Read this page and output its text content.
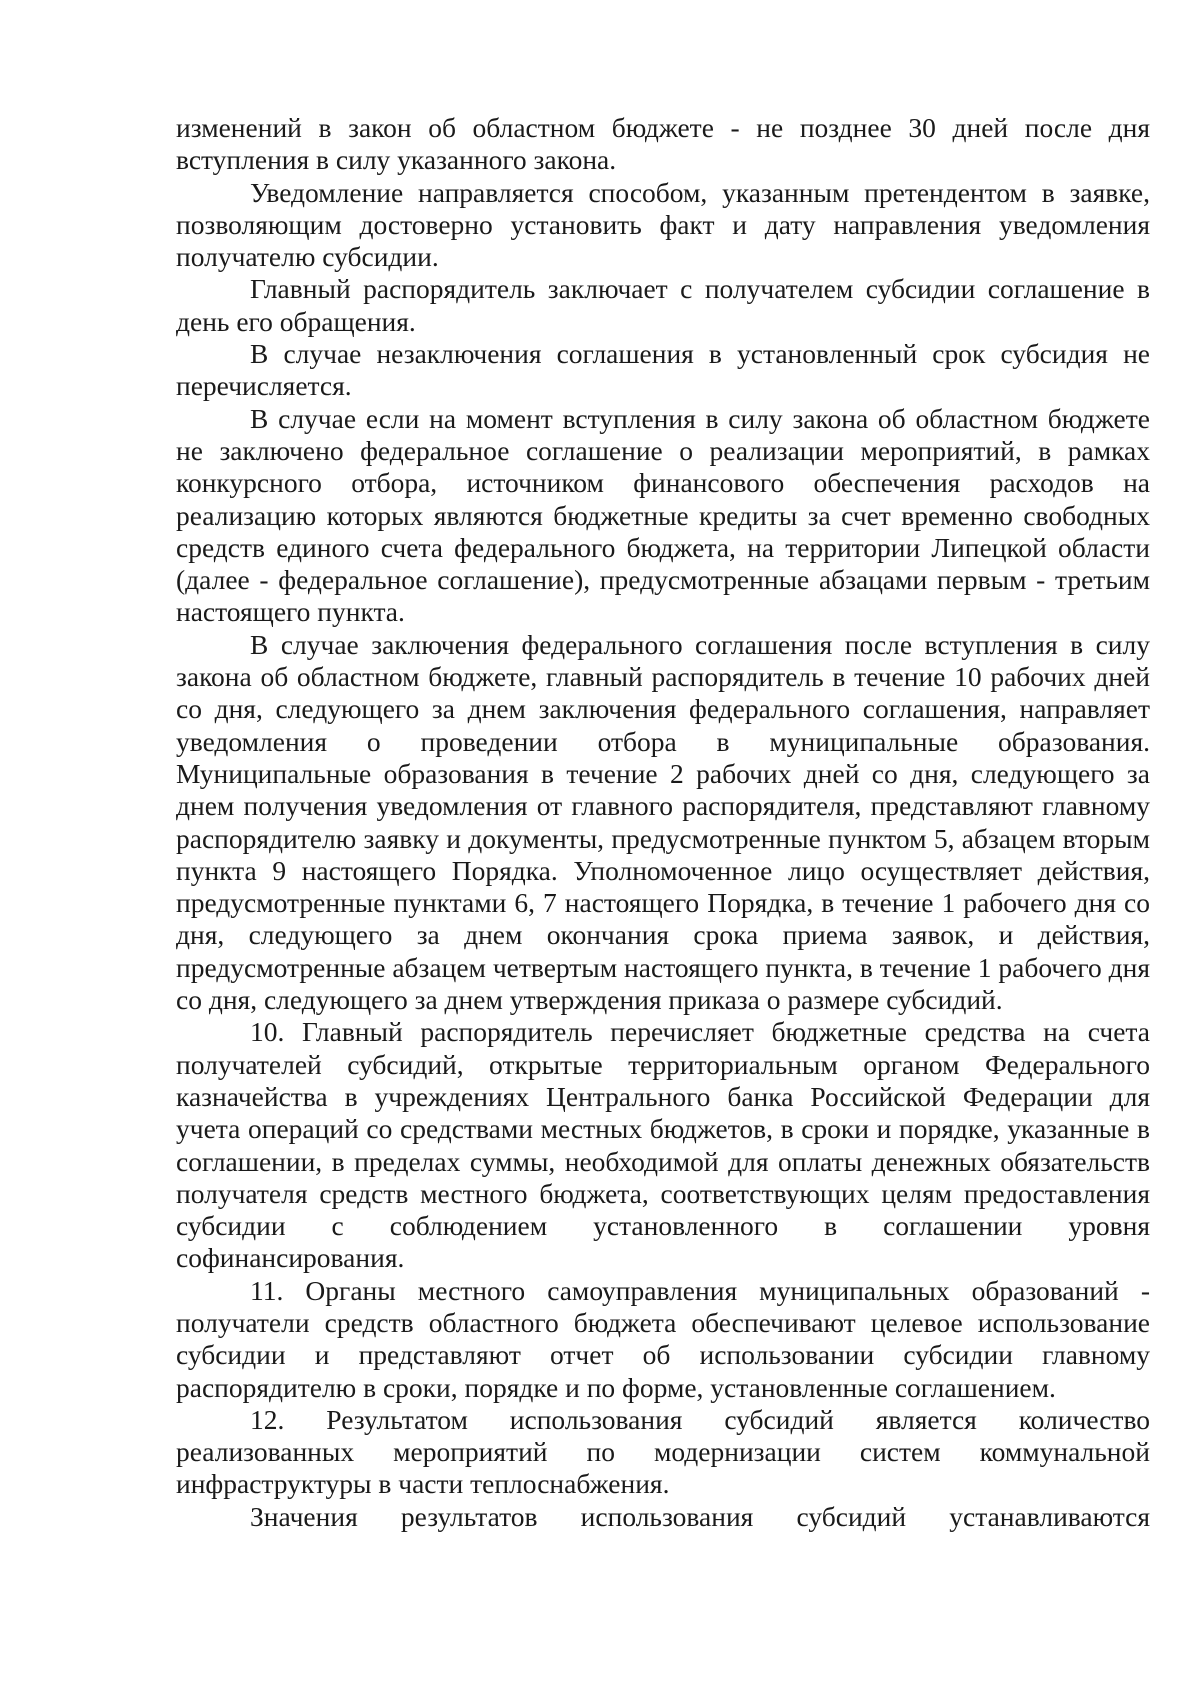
изменений в закон об областном бюджете - не позднее 30 дней после дня вступления в силу указанного закона.

Уведомление направляется способом, указанным претендентом в заявке, позволяющим достоверно установить факт и дату направления уведомления получателю субсидии.

Главный распорядитель заключает с получателем субсидии соглашение в день его обращения.

В случае незаключения соглашения в установленный срок субсидия не перечисляется.

В случае если на момент вступления в силу закона об областном бюджете не заключено федеральное соглашение о реализации мероприятий, в рамках конкурсного отбора, источником финансового обеспечения расходов на реализацию которых являются бюджетные кредиты за счет временно свободных средств единого счета федерального бюджета, на территории Липецкой области (далее - федеральное соглашение), предусмотренные абзацами первым - третьим настоящего пункта.

В случае заключения федерального соглашения после вступления в силу закона об областном бюджете, главный распорядитель в течение 10 рабочих дней со дня, следующего за днем заключения федерального соглашения, направляет уведомления о проведении отбора в муниципальные образования. Муниципальные образования в течение 2 рабочих дней со дня, следующего за днем получения уведомления от главного распорядителя, представляют главному распорядителю заявку и документы, предусмотренные пунктом 5, абзацем вторым пункта 9 настоящего Порядка. Уполномоченное лицо осуществляет действия, предусмотренные пунктами 6, 7 настоящего Порядка, в течение 1 рабочего дня со дня, следующего за днем окончания срока приема заявок, и действия, предусмотренные абзацем четвертым настоящего пункта, в течение 1 рабочего дня со дня, следующего за днем утверждения приказа о размере субсидий.

10. Главный распорядитель перечисляет бюджетные средства на счета получателей субсидий, открытые территориальным органом Федерального казначейства в учреждениях Центрального банка Российской Федерации для учета операций со средствами местных бюджетов, в сроки и порядке, указанные в соглашении, в пределах суммы, необходимой для оплаты денежных обязательств получателя средств местного бюджета, соответствующих целям предоставления субсидии с соблюдением установленного в соглашении уровня софинансирования.

11. Органы местного самоуправления муниципальных образований - получатели средств областного бюджета обеспечивают целевое использование субсидии и представляют отчет об использовании субсидии главному распорядителю в сроки, порядке и по форме, установленные соглашением.

12. Результатом использования субсидий является количество реализованных мероприятий по модернизации систем коммунальной инфраструктуры в части теплоснабжения.

Значения результатов использования субсидий устанавливаются
